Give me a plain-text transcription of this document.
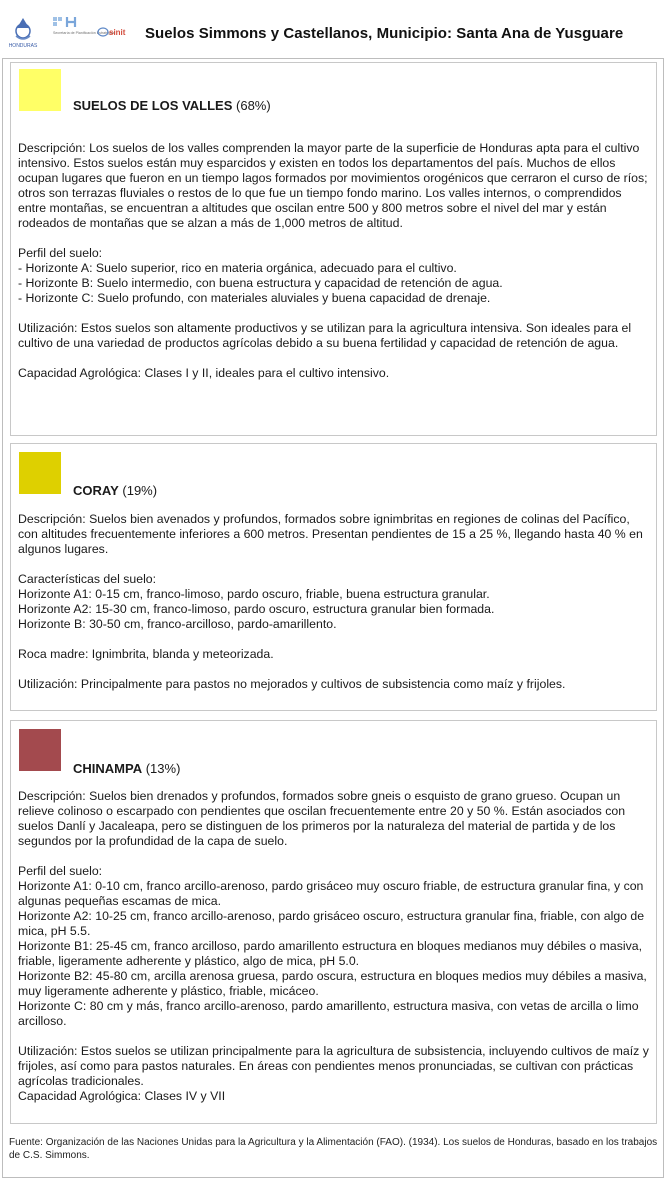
HONDURAS
Secretaría de Planificación Estratégica
sinit Suelos Simmons y Castellanos, Municipio: Santa Ana de Yusguare
SUELOS DE LOS VALLES (68%)

Descripción: Los suelos de los valles comprenden la mayor parte de la superficie de Honduras apta para el cultivo intensivo. Estos suelos están muy esparcidos y existen en todos los departamentos del país. Muchos de ellos ocupan lugares que fueron en un tiempo lagos formados por movimientos orogénicos que cerraron el curso de ríos; otros son terrazas fluviales o restos de lo que fue un tiempo fondo marino. Los valles internos, o comprendidos entre montañas, se encuentran a altitudes que oscilan entre 500 y 800 metros sobre el nivel del mar y están rodeados de montañas que se alzan a más de 1,000 metros de altitud.

Perfil del suelo:
- Horizonte A: Suelo superior, rico en materia orgánica, adecuado para el cultivo.
- Horizonte B: Suelo intermedio, con buena estructura y capacidad de retención de agua.
- Horizonte C: Suelo profundo, con materiales aluviales y buena capacidad de drenaje.

Utilización: Estos suelos son altamente productivos y se utilizan para la agricultura intensiva. Son ideales para el cultivo de una variedad de productos agrícolas debido a su buena fertilidad y capacidad de retención de agua.

Capacidad Agrológica: Clases I y II, ideales para el cultivo intensivo.

CORAY (19%)

Descripción: Suelos bien avenados y profundos, formados sobre ignimbritas en regiones de colinas del Pacífico, con altitudes frecuentemente inferiores a 600 metros. Presentan pendientes de 15 a 25 %, llegando hasta 40 % en algunos lugares.

Características del suelo:
Horizonte A1: 0-15 cm, franco-limoso, pardo oscuro, friable, buena estructura granular.
Horizonte A2: 15-30 cm, franco-limoso, pardo oscuro, estructura granular bien formada.
Horizonte B: 30-50 cm, franco-arcilloso, pardo-amarillento.

Roca madre: Ignimbrita, blanda y meteorizada.

Utilización: Principalmente para pastos no mejorados y cultivos de subsistencia como maíz y frijoles.

CHINAMPA (13%)

Descripción: Suelos bien drenados y profundos, formados sobre gneis o esquisto de grano grueso. Ocupan un relieve colinoso o escarpado con pendientes que oscilan frecuentemente entre 20 y 50 %. Están asociados con suelos Danlí y Jacaleapa, pero se distinguen de los primeros por la naturaleza del material de partida y de los segundos por la profundidad de la capa de suelo.

Perfil del suelo:
Horizonte A1: 0-10 cm, franco arcillo-arenoso, pardo grisáceo muy oscuro friable, de estructura granular fina, y con algunas pequeñas escamas de mica.
Horizonte A2: 10-25 cm, franco arcillo-arenoso, pardo grisáceo oscuro, estructura granular fina, friable, con algo de mica, pH 5.5.
Horizonte B1: 25-45 cm, franco arcilloso, pardo amarillento estructura en bloques medianos muy débiles o masiva, friable, ligeramente adherente y plástico, algo de mica, pH 5.0.
Horizonte B2: 45-80 cm, arcilla arenosa gruesa, pardo oscura, estructura en bloques medios muy débiles a masiva, muy ligeramente adherente y plástico, friable, micáceo.
Horizonte C: 80 cm y más, franco arcillo-arenoso, pardo amarillento, estructura masiva, con vetas de arcilla o limo arcilloso.

Utilización: Estos suelos se utilizan principalmente para la agricultura de subsistencia, incluyendo cultivos de maíz y frijoles, así como para pastos naturales. En áreas con pendientes menos pronunciadas, se cultivan con prácticas agrícolas tradicionales.
Capacidad Agrológica: Clases IV y VII

Fuente: Organización de las Naciones Unidas para la Agricultura y la Alimentación (FAO). (1934). Los suelos de Honduras, basado en los trabajos de C.S. Simmons.
